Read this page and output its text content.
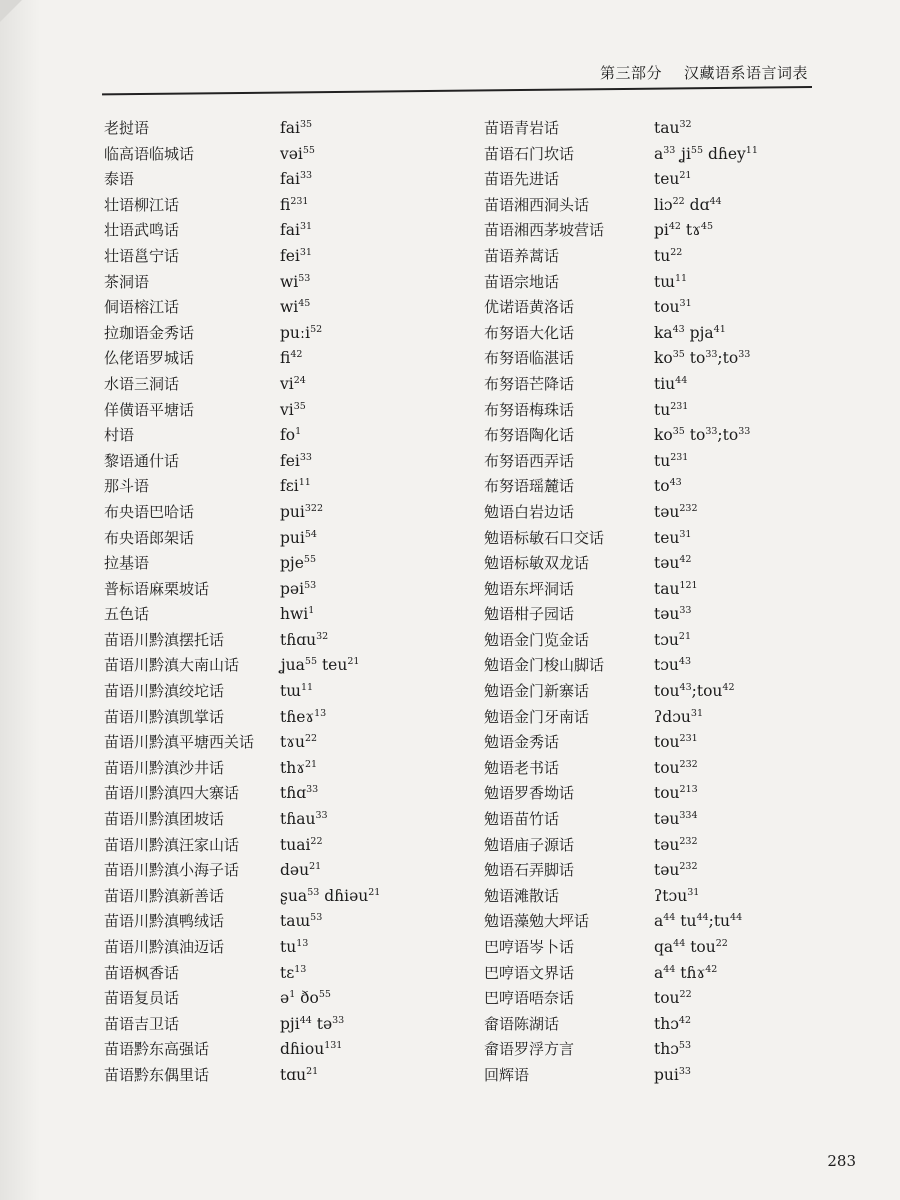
第三部分 汉藏语系语言词表
老挝语	fai$^{35}$
临高语临城话	vəi$^{55}$
泰语	fai$^{33}$
壮语柳江话	$fi^{231}$
壮语武鸣话	fai$^{31}$
壮语邕宁话	fei$^{31}$
茶洞语	$wi^{53}$
侗语榕江话	$wi^{45}$
拉珈语金秀话	puːi$^{52}$
仫佬语罗城话	$fi^{42}$
水语三洞话	$vi^{24}$
佯僙语平塘话	$vi^{35}$
村语	$fo^1$
黎语通什话	fei$^{33}$
那斗语	fɛi$^{11}$
布央语巴哈话	pui$^{322}$
布央语郎架话	pui$^{54}$
拉基语	pje$^{55}$
普标语麻栗坡话	pəi$^{53}$
五色话	hwi$^1$
苗语川黔滇摆托话	tɦɑu$^{32}$
苗语川黔滇大南山话	ʝua$^{55}$ teu$^{21}$
苗语川黔滇绞坨话	tɯ$^{11}$
苗语川黔滇凯掌话	tɦeɤ$^{13}$
苗语川黔滇平塘西关话	tɤu$^{22}$
苗语川黔滇沙井话	thɤ$^{21}$
苗语川黔滇四大寨话	tɦɑ$^{33}$
苗语川黔滇团坡话	tɦau$^{33}$
苗语川黔滇汪家山话	tuai$^{22}$
苗语川黔滇小海子话	dəu$^{21}$
苗语川黔滇新善话	ʂua$^{53}$ dɦiəu$^{21}$
苗语川黔滇鸭绒话	taɯ$^{53}$
苗语川黔滇油迈话	$tu^{13}$
苗语枫香话	tɛ$^{13}$
苗语复员话	ə$^1$ $ðo^{55}$
苗语吉卫话	pji$^{44}$ tə$^{33}$
苗语黔东高强话	dɦiou$^{131}$
苗语黔东偶里话	tɑu$^{21}$
苗语青岩话	tau$^{32}$
苗语石门坎话	$a^{33}$ ʝi$^{55}$ dɦey$^{11}$
苗语先进话	teu$^{21}$
苗语湘西洞头话	liɔ$^{22}$ dɑ$^{44}$
苗语湘西茅坡营话	$pi^{42}$ tɤ$^{45}$
苗语养蒿话	$tu^{22}$
苗语宗地话	tɯ$^{11}$
优诺语黄洛话	tou$^{31}$
布努语大化话	$ka^{43}$ pja$^{41}$
布努语临湛话	$ko^{35}$ $to^{33};to^{33}$
布努语芒降话	tiu$^{44}$
布努语梅珠话	$tu^{231}$
布努语陶化话	$ko^{35}$ $to^{33};to^{33}$
布努语西弄话	$tu^{231}$
布努语瑶麓话	$to^{43}$
勉语白岩边话	təu$^{232}$
勉语标敏石口交话	teu$^{31}$
勉语标敏双龙话	təu$^{42}$
勉语东坪洞话	tau$^{121}$
勉语柑子园话	təu$^{33}$
勉语金门览金话	tɔu$^{21}$
勉语金门梭山脚话	tɔu$^{43}$
勉语金门新寨话	tou$^{43}$;tou$^{42}$
勉语金门牙南话	ʔdɔu$^{31}$
勉语金秀话	tou$^{231}$
勉语老书话	tou$^{232}$
勉语罗香坳话	tou$^{213}$
勉语苗竹话	təu$^{334}$
勉语庙子源话	təu$^{232}$
勉语石弄脚话	təu$^{232}$
勉语滩散话	ʔtɔu$^{31}$
勉语藻勉大坪话	$a^{44}$ $tu^{44};tu^{44}$
巴哼语岑卜话	$qa^{44}$ tou$^{22}$
巴哼语文界话	$a^{44}$ tɦɤ$^{42}$
巴哼语唔奈话	tou$^{22}$
畲语陈湖话	thɔ$^{42}$
畲语罗浮方言	thɔ$^{53}$
回辉语	pui$^{33}$
283
